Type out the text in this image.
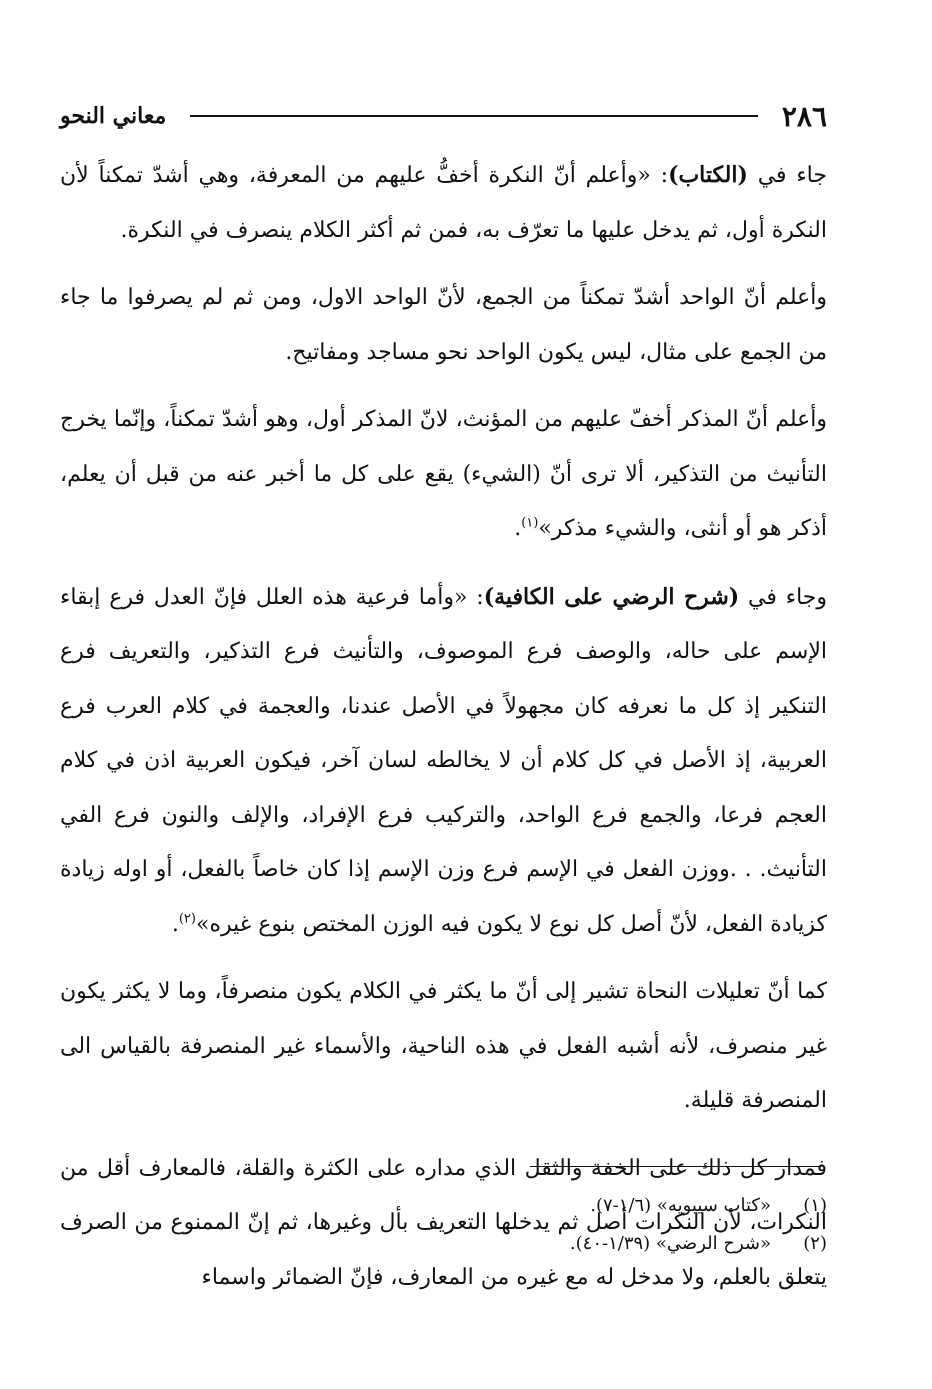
٢٨٦
معاني النحو

جاء في (الكتاب): «وأعلم أنّ النكرة أخفُّ عليهم من المعرفة، وهي أشدّ تمكناً لأن النكرة أول، ثم يدخل عليها ما تعرّف به، فمن ثم أكثر الكلام ينصرف في النكرة.

وأعلم أنّ الواحد أشدّ تمكناً من الجمع، لأنّ الواحد الاول، ومن ثم لم يصرفوا ما جاء من الجمع على مثال، ليس يكون الواحد نحو مساجد ومفاتيح.

وأعلم أنّ المذكر أخفّ عليهم من المؤنث، لانّ المذكر أول، وهو أشدّ تمكناً، وإنّما يخرج التأنيث من التذكير، ألا ترى أنّ (الشيء) يقع على كل ما أخبر عنه من قبل أن يعلم، أذكر هو أو أنثى، والشيء مذكر»$^{(١)}$.

وجاء في (شرح الرضي على الكافية): «وأما فرعية هذه العلل فإنّ العدل فرع إبقاء الإسم على حاله، والوصف فرع الموصوف، والتأنيث فرع التذكير، والتعريف فرع التنكير إذ كل ما نعرفه كان مجهولاً في الأصل عندنا، والعجمة في كلام العرب فرع العربية، إذ الأصل في كل كلام أن لا يخالطه لسان آخر، فيكون العربية اذن في كلام العجم فرعا، والجمع فرع الواحد، والتركيب فرع الإفراد، والإلف والنون فرع الفي التأنيث. . .ووزن الفعل في الإسم فرع وزن الإسم إذا كان خاصاً بالفعل، أو اوله زيادة كزيادة الفعل، لأنّ أصل كل نوع لا يكون فيه الوزن المختص بنوع غيره»$^{(٢)}$.

كما أنّ تعليلات النحاة تشير إلى أنّ ما يكثر في الكلام يكون منصرفاً، وما لا يكثر يكون غير منصرف، لأنه أشبه الفعل في هذه الناحية، والأسماء غير المنصرفة بالقياس الى المنصرفة قليلة.

فمدار كل ذلك على الخفة والثقل الذي مداره على الكثرة والقلة، فالمعارف أقل من النكرات، لأن النكرات أصل ثم يدخلها التعريف بأل وغيرها، ثم إنّ الممنوع من الصرف يتعلق بالعلم، ولا مدخل له مع غيره من المعارف، فإنّ الضمائر واسماء

(١)
«كتاب سيبويه» (١/٦-٧).
(٢)
«شرح الرضي» (١/٣٩-٤٠).
